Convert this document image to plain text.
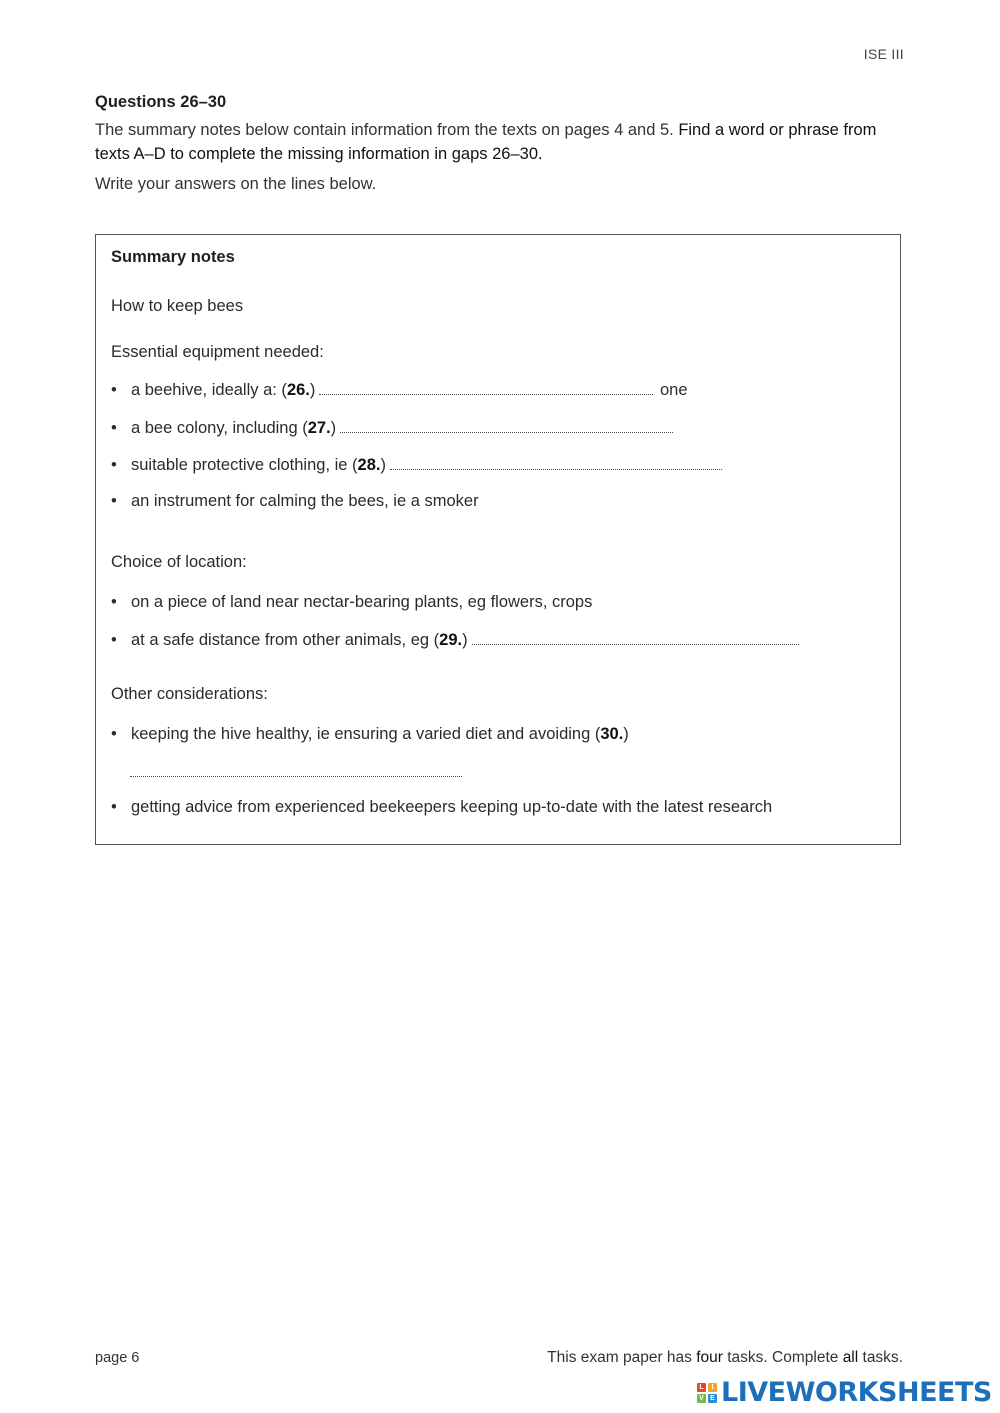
ISE III
Questions 26–30
The summary notes below contain information from the texts on pages 4 and 5. Find a word or phrase from texts A–D to complete the missing information in gaps 26–30.
Write your answers on the lines below.
Summary notes
How to keep bees
Essential equipment needed:
• a beehive, ideally a: (26.)	one
• a bee colony, including (27.)
• suitable protective clothing, ie (28.)
• an instrument for calming the bees, ie a smoker
Choice of location:
• on a piece of land near nectar-bearing plants, eg flowers, crops
• at a safe distance from other animals, eg (29.)
Other considerations:
• keeping the hive healthy, ie ensuring a varied diet and avoiding (30.)
• getting advice from experienced beekeepers keeping up-to-date with the latest research
page 6	This exam paper has four tasks. Complete all tasks.
L	I
V E LIVEWORKSHEETS
